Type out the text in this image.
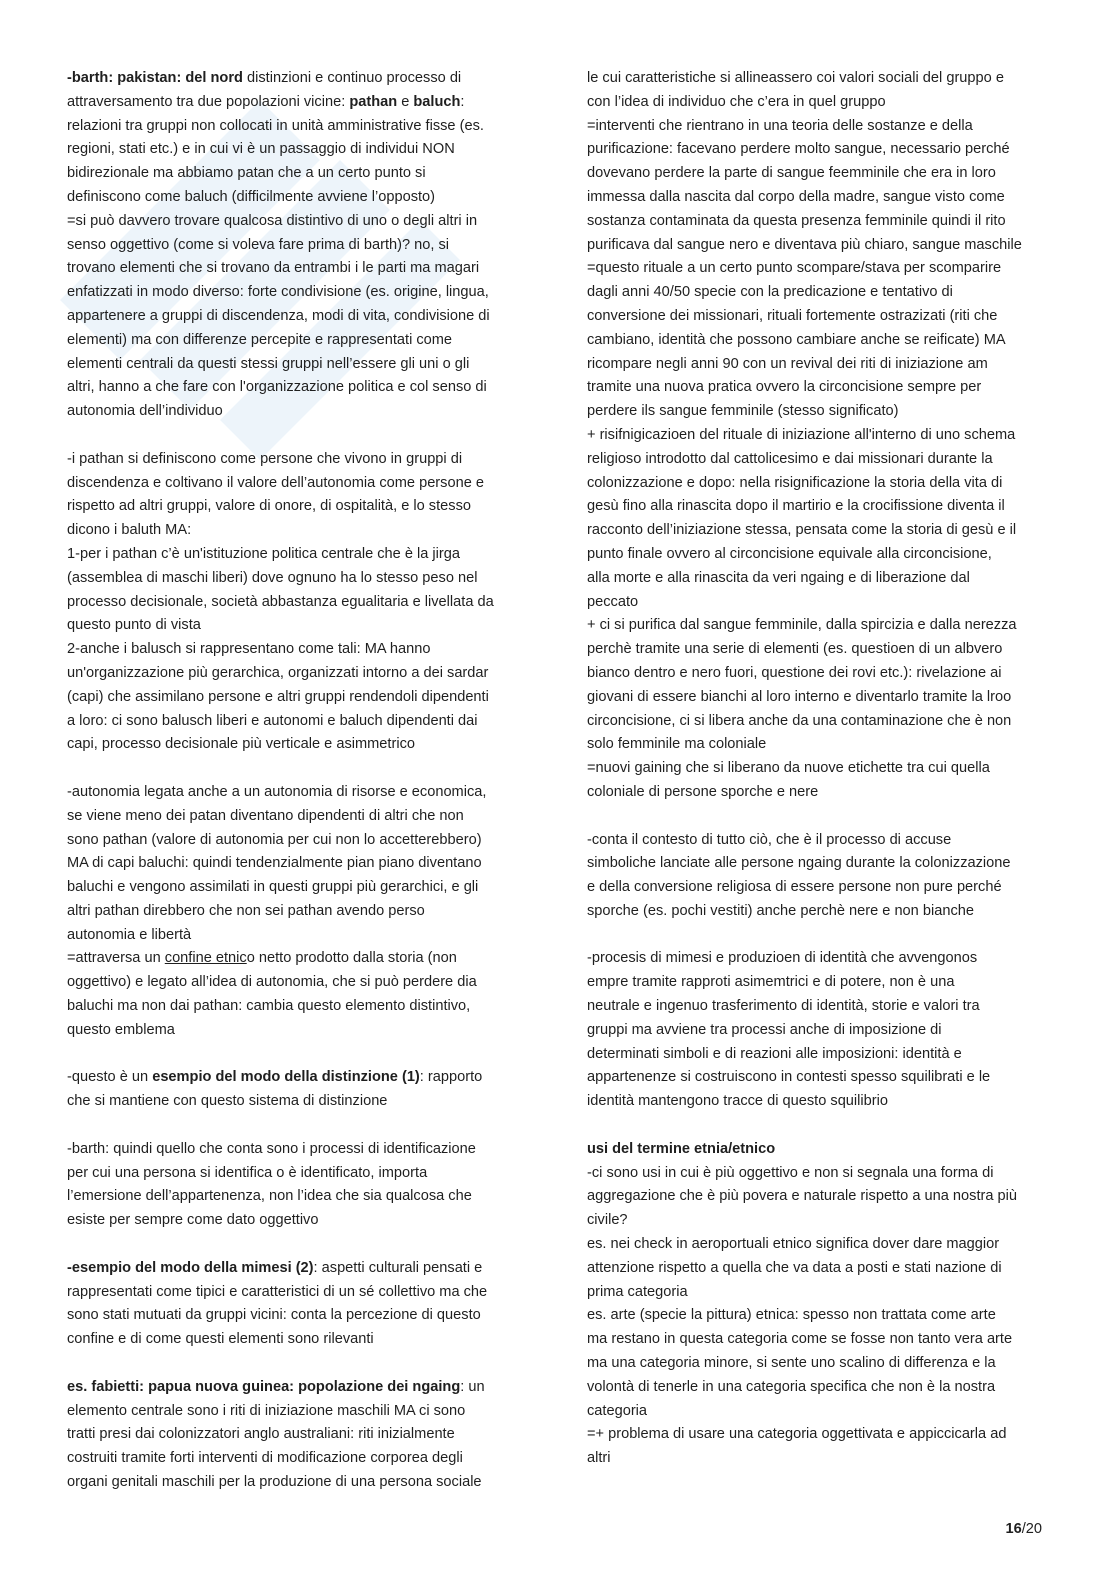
-barth: pakistan: del nord distinzioni e continuo processo di
attraversamento tra due popolazioni vicine: pathan e baluch:
relazioni tra gruppi non collocati in unità amministrative fisse (es.
regioni, stati etc.) e in cui vi è un passaggio di individui NON
bidirezionale ma abbiamo patan che a un certo punto si
definiscono come baluch (difficilmente avviene l’opposto)
=si può davvero trovare qualcosa distintivo di uno o degli altri in
senso oggettivo (come si voleva fare prima di barth)? no, si
trovano elementi che si trovano da entrambi i le parti ma magari
enfatizzati in modo diverso: forte condivisione (es. origine, lingua,
appartenere a gruppi di discendenza, modi di vita, condivisione di
elementi) ma con differenze percepite e rappresentati come
elementi centrali da questi stessi gruppi nell’essere gli uni o gli
altri, hanno a che fare con l'organizzazione politica e col senso di
autonomia dell’individuo
-i pathan si definiscono come persone che vivono in gruppi di
discendenza e coltivano il valore dell’autonomia come persone e
rispetto ad altri gruppi, valore di onore, di ospitalità, e lo stesso
dicono i baluth MA:
1-per i pathan c’è un'istituzione politica centrale che è la jirga
(assemblea di maschi liberi) dove ognuno ha lo stesso peso nel
processo decisionale, società abbastanza egualitaria e livellata da
questo punto di vista
2-anche i balusch si rappresentano come tali: MA hanno
un'organizzazione più gerarchica, organizzati intorno a dei sardar
(capi) che assimilano persone e altri gruppi rendendoli dipendenti
a loro: ci sono balusch liberi e autonomi e baluch dipendenti dai
capi, processo decisionale più verticale e asimmetrico
-autonomia legata anche a un autonomia di risorse e economica,
se viene meno dei patan diventano dipendenti di altri che non
sono pathan (valore di autonomia per cui non lo accetterebbero)
MA di capi baluchi: quindi tendenzialmente pian piano diventano
baluchi e vengono assimilati in questi gruppi più gerarchici, e gli
altri pathan direbbero che non sei pathan avendo perso
autonomia e libertà
=attraversa un confine etnico netto prodotto dalla storia (non
oggettivo) e legato all’idea di autonomia, che si può perdere dia
baluchi ma non dai pathan: cambia questo elemento distintivo,
questo emblema
-questo è un esempio del modo della distinzione (1): rapporto
che si mantiene con questo sistema di distinzione
-barth: quindi quello che conta sono i processi di identificazione
per cui una persona si identifica o è identificato, importa
l’emersione dell’appartenenza, non l’idea che sia qualcosa che
esiste per sempre come dato oggettivo
-esempio del modo della mimesi (2): aspetti culturali pensati e
rappresentati come tipici e caratteristici di un sé collettivo ma che
sono stati mutuati da gruppi vicini: conta la percezione di questo
confine e di come questi elementi sono rilevanti
es. fabietti: papua nuova guinea: popolazione dei ngaing: un
elemento centrale sono i riti di iniziazione maschili MA ci sono
tratti presi dai colonizzatori anglo australiani: riti inizialmente
costruiti tramite forti interventi di modificazione corporea degli
organi genitali maschili per la produzione di una persona sociale
le cui caratteristiche si allineassero coi valori sociali del gruppo e
con l’idea di individuo che c’era in quel gruppo
=interventi che rientrano in una teoria delle sostanze e della
purificazione: facevano perdere molto sangue, necessario perché
dovevano perdere la parte di sangue feemminile che era in loro
immessa dalla nascita dal corpo della madre, sangue visto come
sostanza contaminata da questa presenza femminile quindi il rito
purificava dal sangue nero e diventava più chiaro, sangue maschile
=questo rituale a un certo punto scompare/stava per scomparire
dagli anni 40/50 specie con la predicazione e tentativo di
conversione dei missionari, rituali fortemente ostrazizati (riti che
cambiano, identità che possono cambiare anche se reificate) MA
ricompare negli anni 90 con un revival dei riti di iniziazione am
tramite una nuova pratica ovvero la circoncisione sempre per
perdere ils sangue femminile (stesso significato)
+ risifnigicazioen del rituale di iniziazione all'interno di uno schema
religioso introdotto dal cattolicesimo e dai missionari durante la
colonizzazione e dopo: nella risignificazione la storia della vita di
gesù fino alla rinascita dopo il martirio e la crocifissione diventa il
racconto dell’iniziazione stessa, pensata come la storia di gesù e il
punto finale ovvero al circoncisione equivale alla circoncisione,
alla morte e alla rinascita da veri ngaing e di liberazione dal
peccato
+ ci si purifica dal sangue femminile, dalla spircizia e dalla nerezza
perchè tramite una serie di elementi (es. questioen di un albvero
bianco dentro e nero fuori, questione dei rovi etc.): rivelazione ai
giovani di essere bianchi al loro interno e diventarlo tramite la lroo
circoncisione, ci si libera anche da una contaminazione che è non
solo femminile ma coloniale
=nuovi gaining che si liberano da nuove etichette tra cui quella
coloniale di persone sporche e nere
-conta il contesto di tutto ciò, che è il processo di accuse
simboliche lanciate alle persone ngaing durante la colonizzazione
e della conversione religiosa di essere persone non pure perché
sporche (es. pochi vestiti) anche perchè nere e non bianche
-procesis di mimesi e produzioen di identità che avvengonos
empre tramite rapproti asimemtrici e di potere, non è una
neutrale e ingenuo trasferimento di identità, storie e valori tra
gruppi ma avviene tra processi anche di imposizione di
determinati simboli e di reazioni alle imposizioni: identità e
appartenenze si costruiscono in contesti spesso squilibrati e le
identità mantengono tracce di questo squilibrio
usi del termine etnia/etnico
-ci sono usi in cui è più oggettivo e non si segnala una forma di
aggregazione che è più povera e naturale rispetto a una nostra più
civile?
es. nei check in aeroportuali etnico significa dover dare maggior
attenzione rispetto a quella che va data a posti e stati nazione di
prima categoria
es. arte (specie la pittura) etnica: spesso non trattata come arte
ma restano in questa categoria come se fosse non tanto vera arte
ma una categoria minore, si sente uno scalino di differenza e la
volontà di tenerle in una categoria specifica che non è la nostra
categoria
=+ problema di usare una categoria oggettivata e appiccicarla ad
altri
16/20
